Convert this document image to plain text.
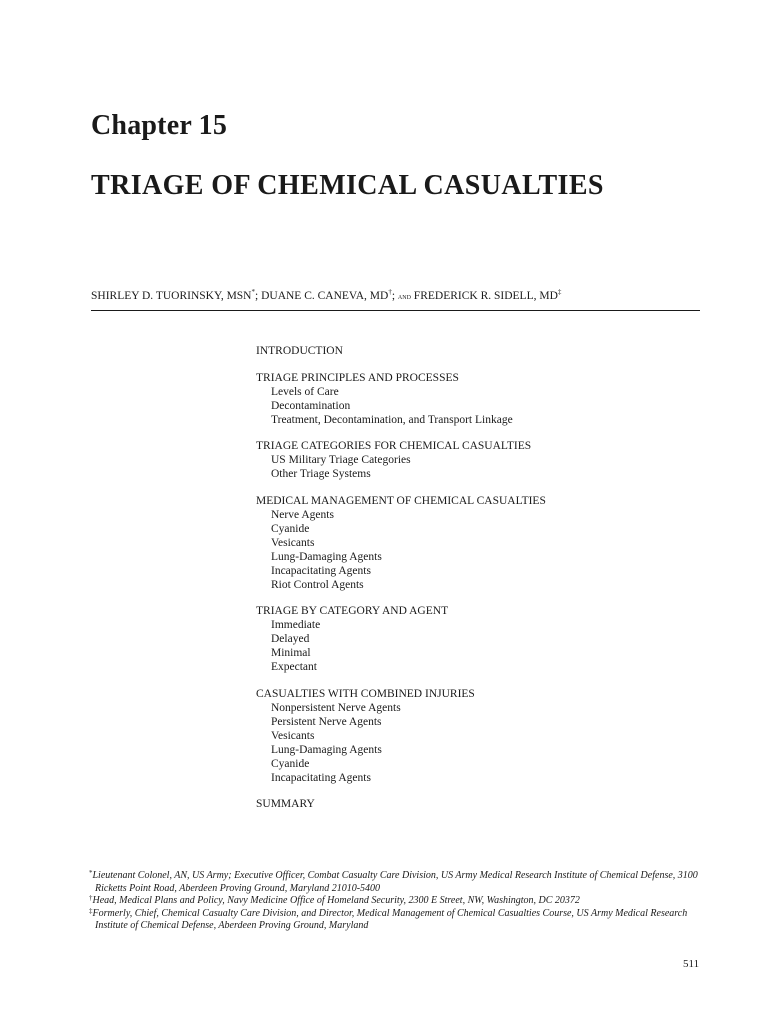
Chapter 15
TRIAGE OF CHEMICAL CASUALTIES

SHIRLEY D. TUORINSKY, MSN*; DUANE C. CANEVA, MD†; and FREDERICK R. SIDELL, MD‡

INTRODUCTION
TRIAGE PRINCIPLES AND PROCESSES
Levels of Care
Decontamination
Treatment, Decontamination, and Transport Linkage
TRIAGE CATEGORIES FOR CHEMICAL CASUALTIES
US Military Triage Categories
Other Triage Systems
MEDICAL MANAGEMENT OF CHEMICAL CASUALTIES
Nerve Agents
Cyanide
Vesicants
Lung-Damaging Agents
Incapacitating Agents
Riot Control Agents
TRIAGE BY CATEGORY AND AGENT
Immediate
Delayed
Minimal
Expectant
CASUALTIES WITH COMBINED INJURIES
Nonpersistent Nerve Agents
Persistent Nerve Agents
Vesicants
Lung-Damaging Agents
Cyanide
Incapacitating Agents
SUMMARY
*Lieutenant Colonel, AN, US Army; Executive Officer, Combat Casualty Care Division, US Army Medical Research Institute of Chemical Defense, 3100 Ricketts Point Road, Aberdeen Proving Ground, Maryland 21010-5400
†Head, Medical Plans and Policy, Navy Medicine Office of Homeland Security, 2300 E Street, NW, Washington, DC 20372
‡Formerly, Chief, Chemical Casualty Care Division, and Director, Medical Management of Chemical Casualties Course, US Army Medical Research Institute of Chemical Defense, Aberdeen Proving Ground, Maryland
511
